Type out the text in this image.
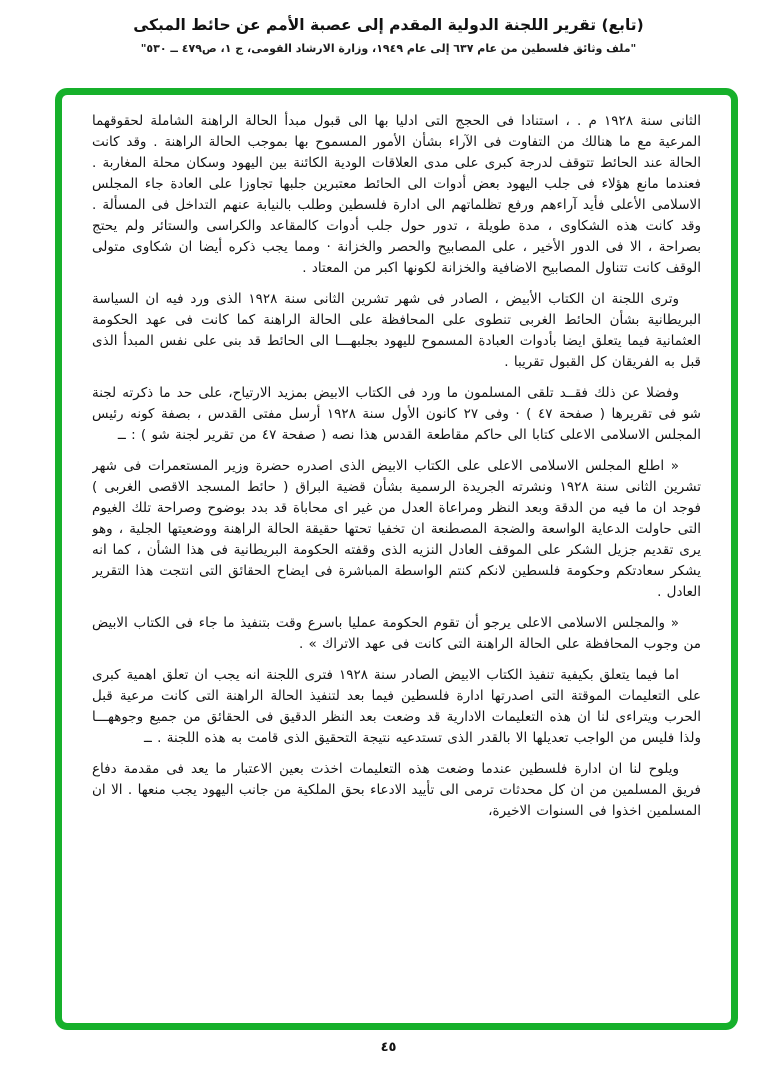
(تابع) تقرير اللجنة الدولية المقدم إلى عصبة الأمم عن حائط المبكى

"ملف وثائق فلسطين من عام ٦٣٧ إلى عام ١٩٤٩، وزارة الارشاد القومى، ج ١، ص٤٧٩ ــ ٥٣٠"

الثانى سنة ١٩٢٨ م . ، استنادا فى الحجج التى ادليا بها الى قبول مبدأ الحالة الراهنة الشاملة لحقوقهما المرعية مع ما هنالك من التفاوت فى الآراء بشأن الأمور المسموح بها بموجب الحالة الراهنة . وقد كانت الحالة عند الحائط تتوقف لدرجة كبرى على مدى العلاقات الودية الكائنة بين اليهود وسكان محلة المغاربة . فعندما مانع هؤلاء فى جلب اليهود بعض أدوات الى الحائط معتبرين جلبها تجاوزا على العادة جاء المجلس الاسلامى الأعلى فأيد آراءهم ورفع تظلماتهم الى ادارة فلسطين وطلب بالنيابة عنهم التداخل فى المسألة . وقد كانت هذه الشكاوى ، مدة طويلة ، تدور حول جلب أدوات كالمقاعد والكراسى والستائر ولم يحتج بصراحة ، الا فى الدور الأخير ، على المصابيح والحصر والخزانة · ومما يجب ذكره أيضا ان شكاوى متولى الوقف كانت تتناول المصابيح الاضافية والخزانة لكونها اكبر من المعتاد .

وترى اللجنة ان الكتاب الأبيض ، الصادر فى شهر تشرين الثانى سنة ١٩٢٨ الذى ورد فيه ان السياسة البريطانية بشأن الحائط الغربى تنطوى على المحافظة على الحالة الراهنة كما كانت فى عهد الحكومة العثمانية فيما يتعلق ايضا بأدوات العبادة المسموح لليهود بجلبهـــا الى الحائط قد بنى على نفس المبدأ الذى قبل به الفريقان كل القبول تقريبا .

وفضلا عن ذلك فقــد تلقى المسلمون ما ورد فى الكتاب الابيض بمزيد الارتياح، على حد ما ذكرته لجنة شو فى تقريرها ( صفحة ٤٧ ) · وفى ٢٧ كانون الأول سنة ١٩٢٨ أرسل مفتى القدس ، بصفة كونه رئيس المجلس الاسلامى الاعلى كتابا الى حاكم مقاطعة القدس هذا نصه ( صفحة ٤٧ من تقرير لجنة شو ) : ــ

« اطلع المجلس الاسلامى الاعلى على الكتاب الابيض الذى اصدره حضرة وزير المستعمرات فى شهر تشرين الثانى سنة ١٩٢٨ ونشرته الجريدة الرسمية بشأن قضية البراق ( حائط المسجد الاقصى الغربى ) فوجد ان ما فيه من الدقة وبعد النظر ومراعاة العدل من غير اى محاباة قد بدد بوضوح وصراحة تلك الغيوم التى حاولت الدعاية الواسعة والضجة المصطنعة ان تخفيا تحتها حقيقة الحالة الراهنة ووضعيتها الجلية ، وهو يرى تقديم جزيل الشكر على الموقف العادل النزيه الذى وقفته الحكومة البريطانية فى هذا الشأن ، كما انه يشكر سعادتكم وحكومة فلسطين لانكم كنتم الواسطة المباشرة فى ايضاح الحقائق التى انتجت هذا التقرير العادل .

« والمجلس الاسلامى الاعلى يرجو أن تقوم الحكومة عمليا باسرع وقت بتنفيذ ما جاء فى الكتاب الابيض من وجوب المحافظة على الحالة الراهنة التى كانت فى عهد الاتراك » .

اما فيما يتعلق بكيفية تنفيذ الكتاب الابيض الصادر سنة ١٩٢٨ فترى اللجنة انه يجب ان تعلق اهمية كبرى على التعليمات الموقتة التى اصدرتها ادارة فلسطين فيما بعد لتنفيذ الحالة الراهنة التى كانت مرعية قبل الحرب ويتراءى لنا ان هذه التعليمات الادارية قد وضعت بعد النظر الدقيق فى الحقائق من جميع وجوههـــا ولذا فليس من الواجب تعديلها الا بالقدر الذى تستدعيه نتيجة التحقيق الذى قامت به هذه اللجنة . ــ

ويلوح لنا ان ادارة فلسطين عندما وضعت هذه التعليمات اخذت بعين الاعتبار ما يعد فى مقدمة دفاع فريق المسلمين من ان كل محدثات ترمى الى تأييد الادعاء بحق الملكية من جانب اليهود يجب منعها . الا ان المسلمين اخذوا فى السنوات الاخيرة،

٤٥
